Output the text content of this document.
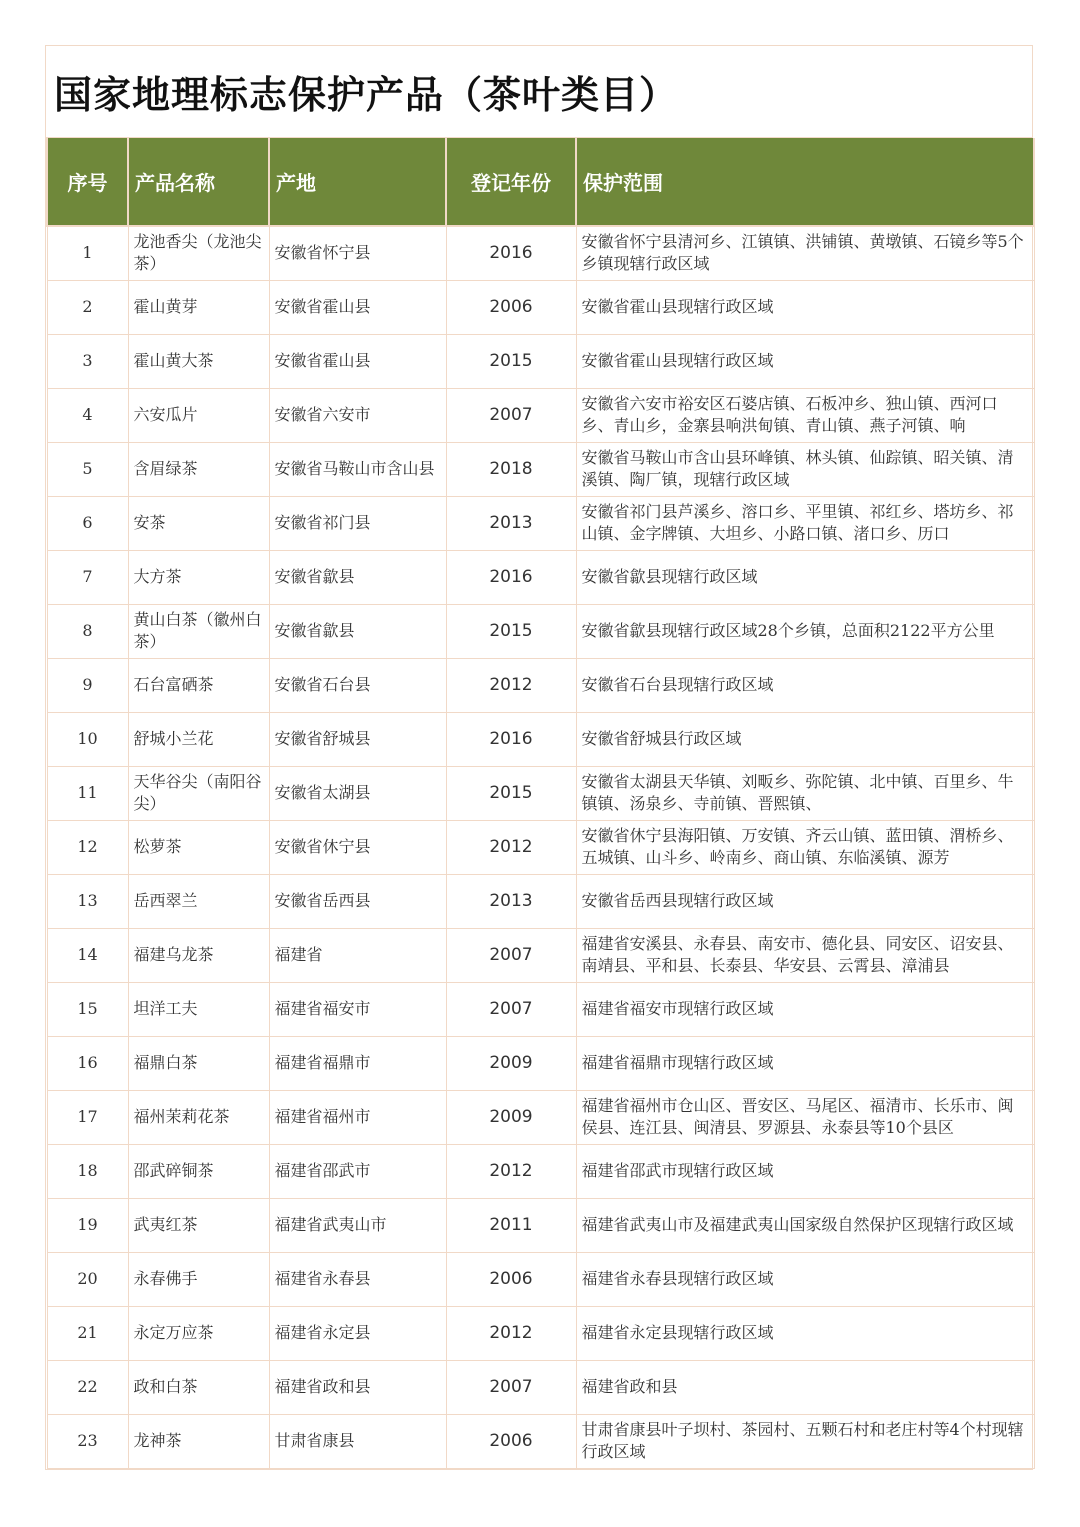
国家地理标志保护产品（茶叶类目）
序号	产品名称	产地	登记年份	保护范围

1	龙池香尖（龙池尖茶）	安徽省怀宁县	2016	安徽省怀宁县清河乡、江镇镇、洪铺镇、黄墩镇、石镜乡等5个乡镇现辖行政区域

2	霍山黄芽	安徽省霍山县	2006	安徽省霍山县现辖行政区域

3	霍山黄大茶	安徽省霍山县	2015	安徽省霍山县现辖行政区域

4	六安瓜片	安徽省六安市	2007	安徽省六安市裕安区石婆店镇、石板冲乡、独山镇、西河口乡、青山乡，金寨县响洪甸镇、青山镇、燕子河镇、响

5	含眉绿茶	安徽省马鞍山市含山县	2018	安徽省马鞍山市含山县环峰镇、林头镇、仙踪镇、昭关镇、清溪镇、陶厂镇，现辖行政区域

6	安茶	安徽省祁门县	2013	安徽省祁门县芦溪乡、溶口乡、平里镇、祁红乡、塔坊乡、祁山镇、金字牌镇、大坦乡、小路口镇、渚口乡、历口

7	大方茶	安徽省歙县	2016	安徽省歙县现辖行政区域

8	黄山白茶（徽州白茶）	安徽省歙县	2015	安徽省歙县现辖行政区域28个乡镇，总面积2122平方公里

9	石台富硒茶	安徽省石台县	2012	安徽省石台县现辖行政区域

10	舒城小兰花	安徽省舒城县	2016	安徽省舒城县行政区域

11	天华谷尖（南阳谷尖）	安徽省太湖县	2015	安徽省太湖县天华镇、刘畈乡、弥陀镇、北中镇、百里乡、牛镇镇、汤泉乡、寺前镇、晋熙镇、

12	松萝茶	安徽省休宁县	2012	安徽省休宁县海阳镇、万安镇、齐云山镇、蓝田镇、渭桥乡、五城镇、山斗乡、岭南乡、商山镇、东临溪镇、源芳

13	岳西翠兰	安徽省岳西县	2013	安徽省岳西县现辖行政区域

14	福建乌龙茶	福建省	2007	福建省安溪县、永春县、南安市、德化县、同安区、诏安县、南靖县、平和县、长泰县、华安县、云霄县、漳浦县

15	坦洋工夫	福建省福安市	2007	福建省福安市现辖行政区域

16	福鼎白茶	福建省福鼎市	2009	福建省福鼎市现辖行政区域

17	福州茉莉花茶	福建省福州市	2009	福建省福州市仓山区、晋安区、马尾区、福清市、长乐市、闽侯县、连江县、闽清县、罗源县、永泰县等10个县区

18	邵武碎铜茶	福建省邵武市	2012	福建省邵武市现辖行政区域

19	武夷红茶	福建省武夷山市	2011	福建省武夷山市及福建武夷山国家级自然保护区现辖行政区域

20	永春佛手	福建省永春县	2006	福建省永春县现辖行政区域

21	永定万应茶	福建省永定县	2012	福建省永定县现辖行政区域

22	政和白茶	福建省政和县	2007	福建省政和县

23	龙神茶	甘肃省康县	2006	甘肃省康县叶子坝村、茶园村、五颗石村和老庄村等4个村现辖行政区域
